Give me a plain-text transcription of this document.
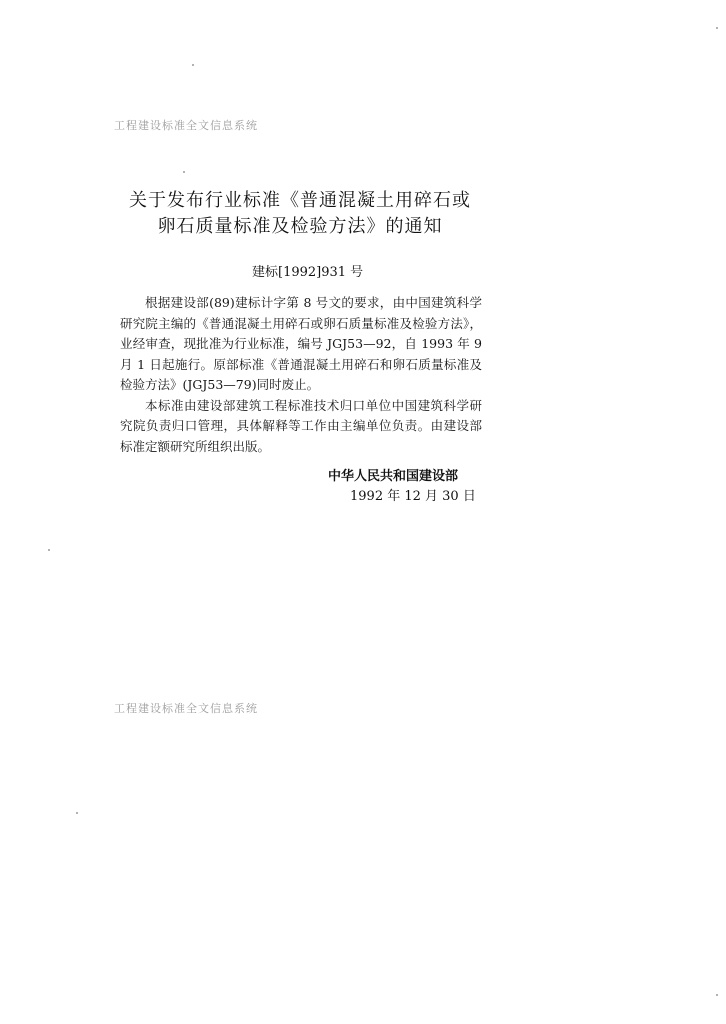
工程建设标准全文信息系统
关于发布行业标准《普通混凝土用碎石或
卵石质量标准及检验方法》的通知
建标[1992]931 号

根据建设部(89)建标计字第 8 号文的要求，由中国建筑科学研究院主编的《普通混凝土用碎石或卵石质量标准及检验方法》，业经审查，现批准为行业标准，编号 JGJ53—92，自 1993 年 9 月 1 日起施行。原部标准《普通混凝土用碎石和卵石质量标准及检验方法》(JGJ53—79)同时废止。

本标准由建设部建筑工程标准技术归口单位中国建筑科学研究院负责归口管理，具体解释等工作由主编单位负责。由建设部标准定额研究所组织出版。

中华人民共和国建设部
1992 年 12 月 30 日
工程建设标准全文信息系统
